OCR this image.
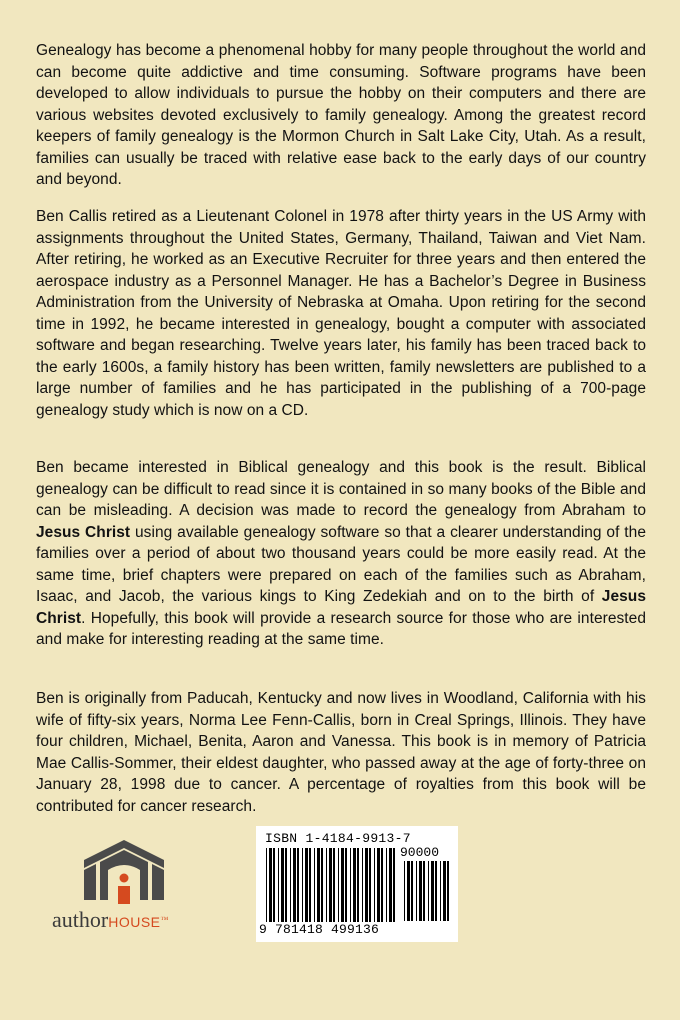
Genealogy has become a phenomenal hobby for many people throughout the world and can become quite addictive and time consuming. Software programs have been developed to allow individuals to pursue the hobby on their computers and there are various websites devoted exclusively to family genealogy. Among the greatest record keepers of family genealogy is the Mormon Church in Salt Lake City, Utah. As a result, families can usually be traced with relative ease back to the early days of our country and beyond.

Ben Callis retired as a Lieutenant Colonel in 1978 after thirty years in the US Army with assignments throughout the United States, Germany, Thailand, Taiwan and Viet Nam. After retiring, he worked as an Executive Recruiter for three years and then entered the aerospace industry as a Personnel Manager. He has a Bachelor’s Degree in Business Administration from the University of Nebraska at Omaha. Upon retiring for the second time in 1992, he became interested in genealogy, bought a computer with associated software and began researching. Twelve years later, his family has been traced back to the early 1600s, a family history has been written, family newsletters are published to a large number of families and he has participated in the publishing of a 700-page genealogy study which is now on a CD.

Ben became interested in Biblical genealogy and this book is the result. Biblical genealogy can be difficult to read since it is contained in so many books of the Bible and can be misleading. A decision was made to record the genealogy from Abraham to Jesus Christ using available genealogy software so that a clearer understanding of the families over a period of about two thousand years could be more easily read. At the same time, brief chapters were prepared on each of the families such as Abraham, Isaac, and Jacob, the various kings to King Zedekiah and on to the birth of Jesus Christ. Hopefully, this book will provide a research source for those who are interested and make for interesting reading at the same time.

Ben is originally from Paducah, Kentucky and now lives in Woodland, California with his wife of fifty-six years, Norma Lee Fenn-Callis, born in Creal Springs, Illinois. They have four children, Michael, Benita, Aaron and Vanessa. This book is in memory of Patricia Mae Callis-Sommer, their eldest daughter, who passed away at the age of forty-three on January 28, 1998 due to cancer. A percentage of royalties from this book will be contributed for cancer research.

authorHOUSE™
ISBN 1-4184-9913-7
90000
9 781418 499136
